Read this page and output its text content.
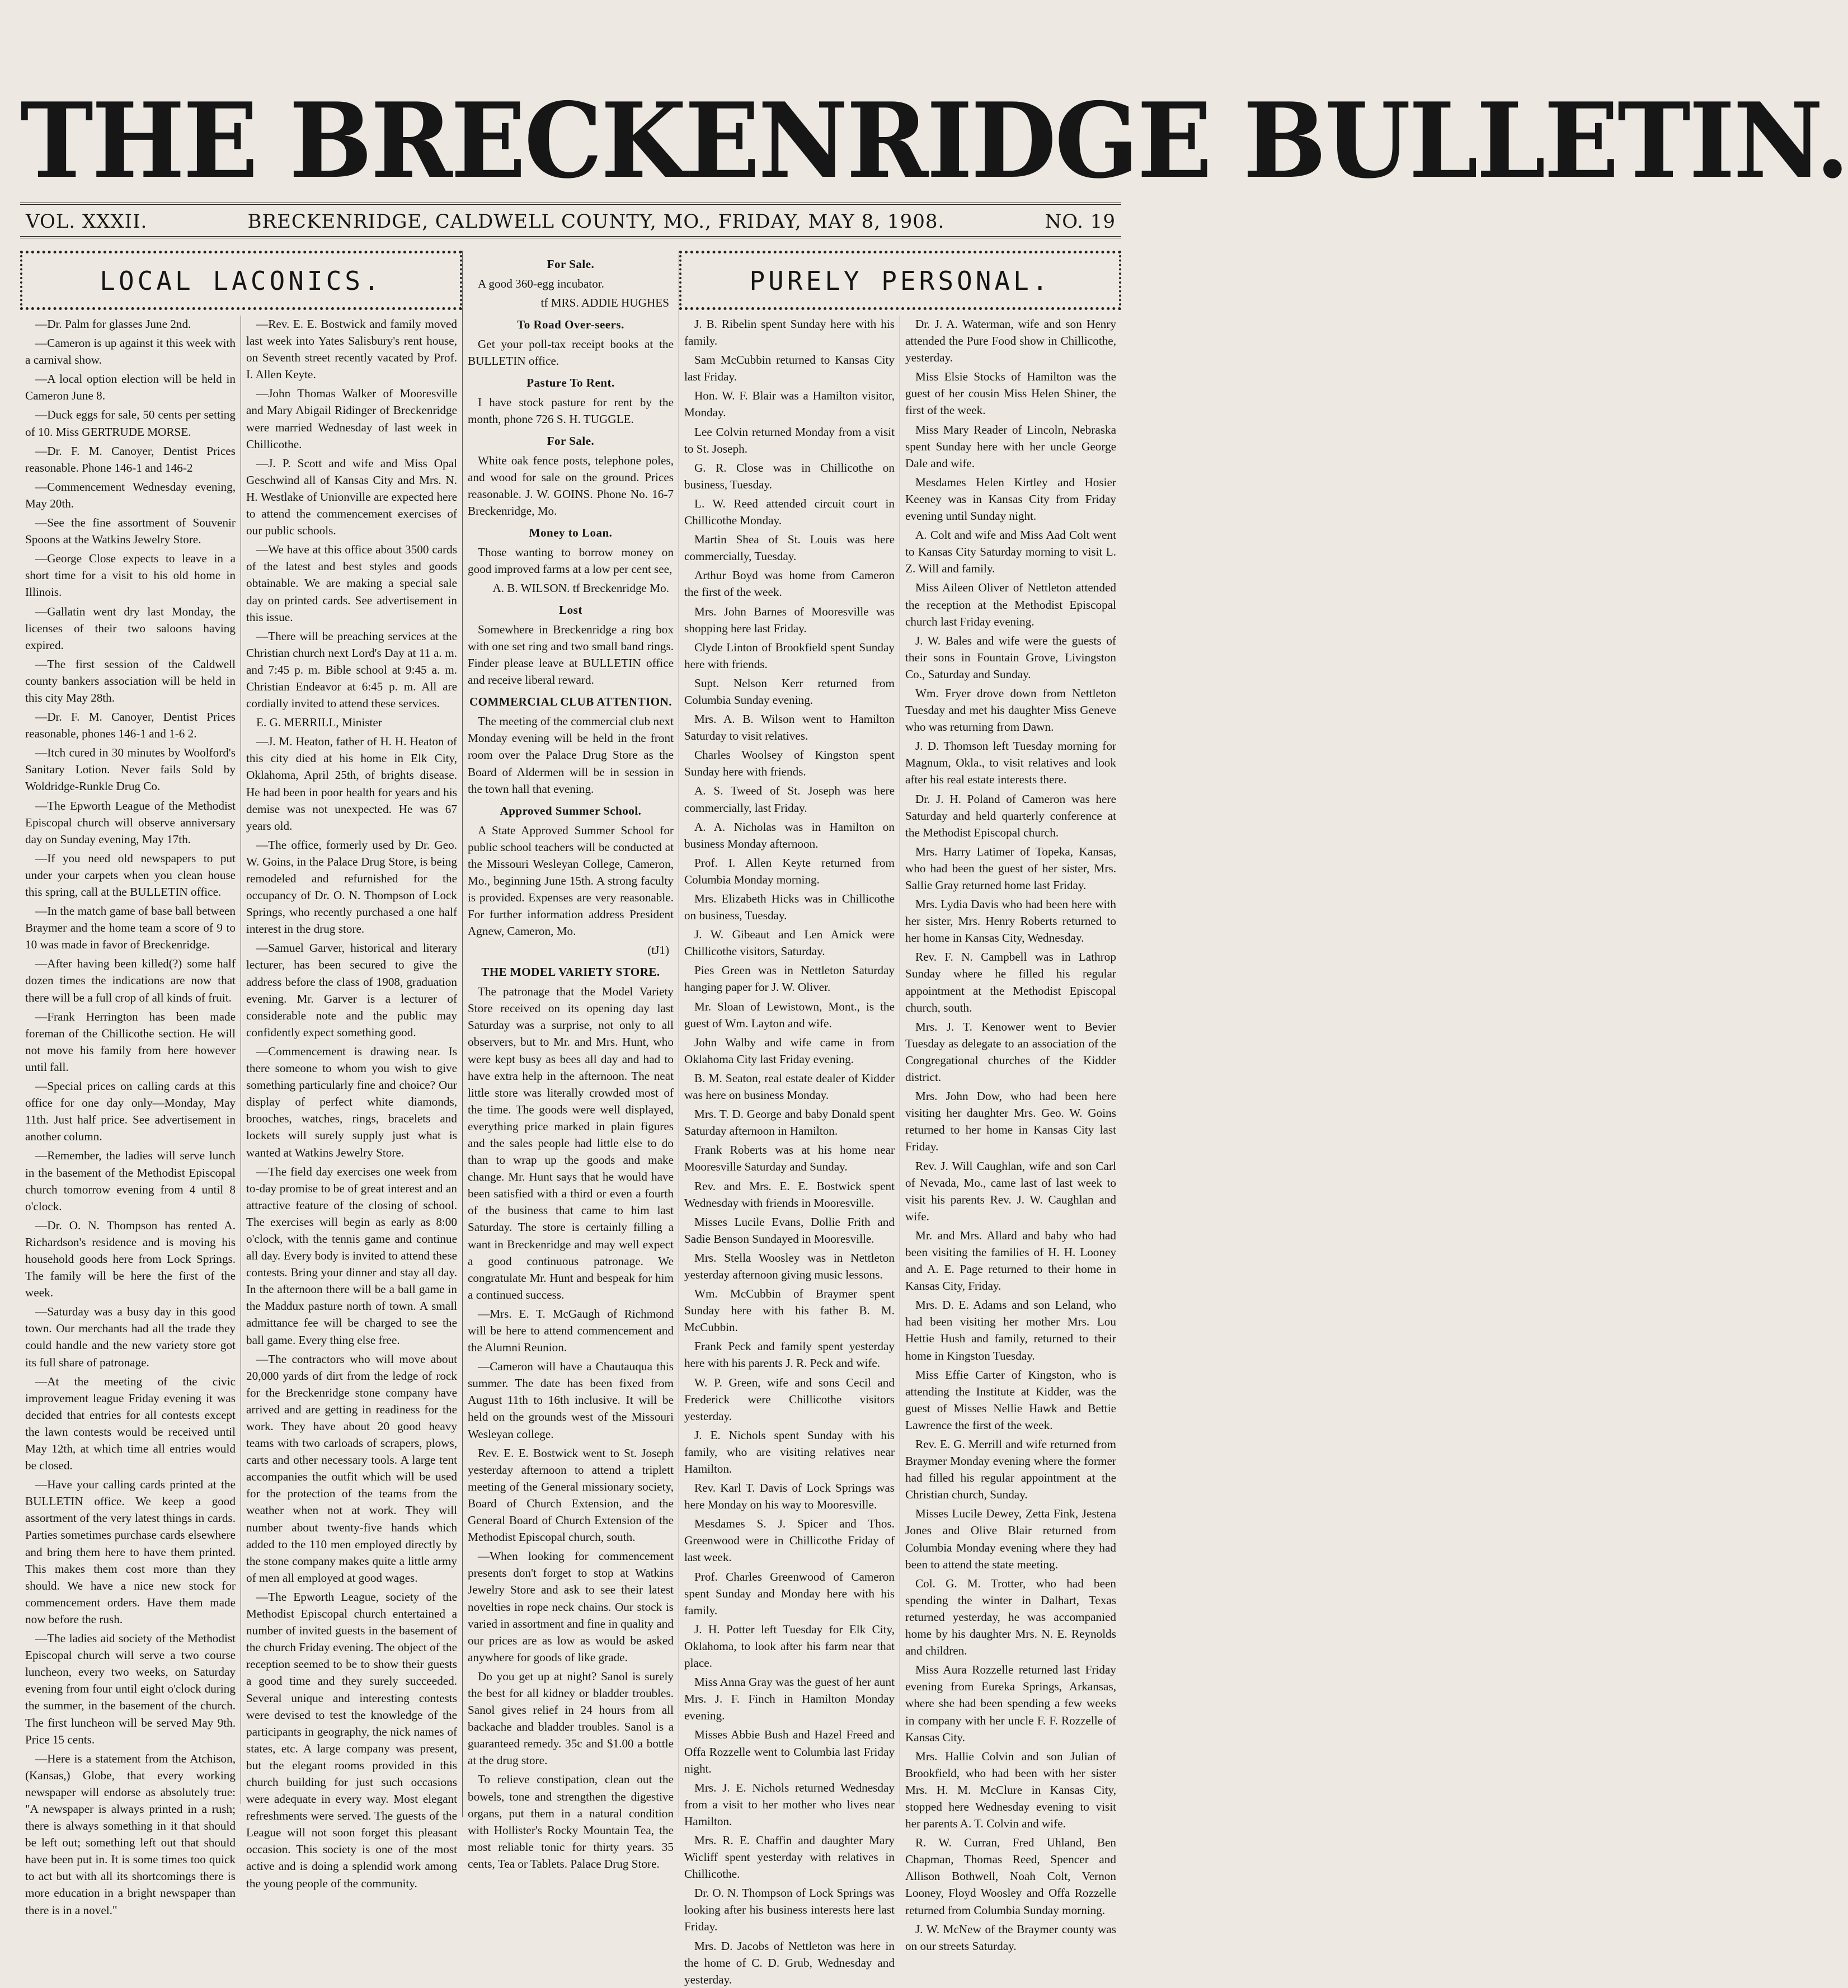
THE BRECKENRIDGE BULLETIN.
VOL. XXXII.	BRECKENRIDGE, CALDWELL COUNTY, MO., FRIDAY, MAY 8, 1908.	NO. 19
LOCAL LACONICS.

—Dr. Palm for glasses June 2nd.

—Cameron is up against it this week with a carnival show.

—A local option election will be held in Cameron June 8.

—Duck eggs for sale, 50 cents per setting of 10. Miss GERTRUDE MORSE.

—Dr. F. M. Canoyer, Dentist Prices reasonable. Phone 146-1 and 146-2

—Commencement Wednesday evening, May 20th.

—See the fine assortment of Souvenir Spoons at the Watkins Jewelry Store.

—George Close expects to leave in a short time for a visit to his old home in Illinois.

—Gallatin went dry last Monday, the licenses of their two saloons having expired.

—The first session of the Caldwell county bankers association will be held in this city May 28th.

—Dr. F. M. Canoyer, Dentist Prices reasonable, phones 146-1 and 1-6 2.

—Itch cured in 30 minutes by Woolford's Sanitary Lotion. Never fails Sold by Woldridge-Runkle Drug Co.

—The Epworth League of the Methodist Episcopal church will observe anniversary day on Sunday evening, May 17th.

—If you need old newspapers to put under your carpets when you clean house this spring, call at the BULLETIN office.

—In the match game of base ball between Braymer and the home team a score of 9 to 10 was made in favor of Breckenridge.

—After having been killed(?) some half dozen times the indications are now that there will be a full crop of all kinds of fruit.

—Frank Herrington has been made foreman of the Chillicothe section. He will not move his family from here however until fall.

—Special prices on calling cards at this office for one day only—Monday, May 11th. Just half price. See advertisement in another column.

—Remember, the ladies will serve lunch in the basement of the Methodist Episcopal church tomorrow evening from 4 until 8 o'clock.

—Dr. O. N. Thompson has rented A. Richardson's residence and is moving his household goods here from Lock Springs. The family will be here the first of the week.

—Saturday was a busy day in this good town. Our merchants had all the trade they could handle and the new variety store got its full share of patronage.

—At the meeting of the civic improvement league Friday evening it was decided that entries for all contests except the lawn contests would be received until May 12th, at which time all entries would be closed.

—Have your calling cards printed at the BULLETIN office. We keep a good assortment of the very latest things in cards. Parties sometimes purchase cards elsewhere and bring them here to have them printed. This makes them cost more than they should. We have a nice new stock for commencement orders. Have them made now before the rush.

—The ladies aid society of the Methodist Episcopal church will serve a two course luncheon, every two weeks, on Saturday evening from four until eight o'clock during the summer, in the basement of the church. The first luncheon will be served May 9th. Price 15 cents.

—Here is a statement from the Atchison, (Kansas,) Globe, that every working newspaper will endorse as absolutely true: "A newspaper is always printed in a rush; there is always something in it that should be left out; something left out that should have been put in. It is some times too quick to act but with all its shortcomings there is more education in a bright newspaper than there is in a novel."

—Rev. E. E. Bostwick and family moved last week into Yates Salisbury's rent house, on Seventh street recently vacated by Prof. I. Allen Keyte.

—John Thomas Walker of Mooresville and Mary Abigail Ridinger of Breckenridge were married Wednesday of last week in Chillicothe.

—J. P. Scott and wife and Miss Opal Geschwind all of Kansas City and Mrs. N. H. Westlake of Unionville are expected here to attend the commencement exercises of our public schools.

—We have at this office about 3500 cards of the latest and best styles and goods obtainable. We are making a special sale day on printed cards. See advertisement in this issue.

—There will be preaching services at the Christian church next Lord's Day at 11 a. m. and 7:45 p. m. Bible school at 9:45 a. m. Christian Endeavor at 6:45 p. m. All are cordially invited to attend these services.

E. G. MERRILL, Minister

—J. M. Heaton, father of H. H. Heaton of this city died at his home in Elk City, Oklahoma, April 25th, of brights disease. He had been in poor health for years and his demise was not unexpected. He was 67 years old.

—The office, formerly used by Dr. Geo. W. Goins, in the Palace Drug Store, is being remodeled and refurnished for the occupancy of Dr. O. N. Thompson of Lock Springs, who recently purchased a one half interest in the drug store.

—Samuel Garver, historical and literary lecturer, has been secured to give the address before the class of 1908, graduation evening. Mr. Garver is a lecturer of considerable note and the public may confidently expect something good.

—Commencement is drawing near. Is there someone to whom you wish to give something particularly fine and choice? Our display of perfect white diamonds, brooches, watches, rings, bracelets and lockets will surely supply just what is wanted at Watkins Jewelry Store.

—The field day exercises one week from to-day promise to be of great interest and an attractive feature of the closing of school. The exercises will begin as early as 8:00 o'clock, with the tennis game and continue all day. Every body is invited to attend these contests. Bring your dinner and stay all day. In the afternoon there will be a ball game in the Maddux pasture north of town. A small admittance fee will be charged to see the ball game. Every thing else free.

—The contractors who will move about 20,000 yards of dirt from the ledge of rock for the Breckenridge stone company have arrived and are getting in readiness for the work. They have about 20 good heavy teams with two carloads of scrapers, plows, carts and other necessary tools. A large tent accompanies the outfit which will be used for the protection of the teams from the weather when not at work. They will number about twenty-five hands which added to the 110 men employed directly by the stone company makes quite a little army of men all employed at good wages.

—The Epworth League, society of the Methodist Episcopal church entertained a number of invited guests in the basement of the church Friday evening. The object of the reception seemed to be to show their guests a good time and they surely succeeded. Several unique and interesting contests were devised to test the knowledge of the participants in geography, the nick names of states, etc. A large company was present, but the elegant rooms provided in this church building for just such occasions were adequate in every way. Most elegant refreshments were served. The guests of the League will not soon forget this pleasant occasion. This society is one of the most active and is doing a splendid work among the young people of the community.

For Sale.

A good 360-egg incubator.

tf MRS. ADDIE HUGHES

To Road Over-seers.

Get your poll-tax receipt books at the BULLETIN office.

Pasture To Rent.

I have stock pasture for rent by the month, phone 726 S. H. TUGGLE.

For Sale.

White oak fence posts, telephone poles, and wood for sale on the ground. Prices reasonable. J. W. GOINS. Phone No. 16-7 Breckenridge, Mo.

Money to Loan.

Those wanting to borrow money on good improved farms at a low per cent see,

A. B. WILSON. tf Breckenridge Mo.

Lost

Somewhere in Breckenridge a ring box with one set ring and two small band rings. Finder please leave at BULLETIN office and receive liberal reward.

COMMERCIAL CLUB ATTENTION.

The meeting of the commercial club next Monday evening will be held in the front room over the Palace Drug Store as the Board of Aldermen will be in session in the town hall that evening.

Approved Summer School.

A State Approved Summer School for public school teachers will be conducted at the Missouri Wesleyan College, Cameron, Mo., beginning June 15th. A strong faculty is provided. Expenses are very reasonable. For further information address President Agnew, Cameron, Mo.

(tJ1)

THE MODEL VARIETY STORE.

The patronage that the Model Variety Store received on its opening day last Saturday was a surprise, not only to all observers, but to Mr. and Mrs. Hunt, who were kept busy as bees all day and had to have extra help in the afternoon. The neat little store was literally crowded most of the time. The goods were well displayed, everything price marked in plain figures and the sales people had little else to do than to wrap up the goods and make change. Mr. Hunt says that he would have been satisfied with a third or even a fourth of the business that came to him last Saturday. The store is certainly filling a want in Breckenridge and may well expect a good continuous patronage. We congratulate Mr. Hunt and bespeak for him a continued success.

—Mrs. E. T. McGaugh of Richmond will be here to attend commencement and the Alumni Reunion.

—Cameron will have a Chautauqua this summer. The date has been fixed from August 11th to 16th inclusive. It will be held on the grounds west of the Missouri Wesleyan college.

Rev. E. E. Bostwick went to St. Joseph yesterday afternoon to attend a triplett meeting of the General missionary society, Board of Church Extension, and the General Board of Church Extension of the Methodist Episcopal church, south.

—When looking for commencement presents don't forget to stop at Watkins Jewelry Store and ask to see their latest novelties in rope neck chains. Our stock is varied in assortment and fine in quality and our prices are as low as would be asked anywhere for goods of like grade.

Do you get up at night? Sanol is surely the best for all kidney or bladder troubles. Sanol gives relief in 24 hours from all backache and bladder troubles. Sanol is a guaranteed remedy. 35c and $1.00 a bottle at the drug store.

To relieve constipation, clean out the bowels, tone and strengthen the digestive organs, put them in a natural condition with Hollister's Rocky Mountain Tea, the most reliable tonic for thirty years. 35 cents, Tea or Tablets. Palace Drug Store.

PURELY PERSONAL.

J. B. Ribelin spent Sunday here with his family.

Sam McCubbin returned to Kansas City last Friday.

Hon. W. F. Blair was a Hamilton visitor, Monday.

Lee Colvin returned Monday from a visit to St. Joseph.

G. R. Close was in Chillicothe on business, Tuesday.

L. W. Reed attended circuit court in Chillicothe Monday.

Martin Shea of St. Louis was here commercially, Tuesday.

Arthur Boyd was home from Cameron the first of the week.

Mrs. John Barnes of Mooresville was shopping here last Friday.

Clyde Linton of Brookfield spent Sunday here with friends.

Supt. Nelson Kerr returned from Columbia Sunday evening.

Mrs. A. B. Wilson went to Hamilton Saturday to visit relatives.

Charles Woolsey of Kingston spent Sunday here with friends.

A. S. Tweed of St. Joseph was here commercially, last Friday.

A. A. Nicholas was in Hamilton on business Monday afternoon.

Prof. I. Allen Keyte returned from Columbia Monday morning.

Mrs. Elizabeth Hicks was in Chillicothe on business, Tuesday.

J. W. Gibeaut and Len Amick were Chillicothe visitors, Saturday.

Pies Green was in Nettleton Saturday hanging paper for J. W. Oliver.

Mr. Sloan of Lewistown, Mont., is the guest of Wm. Layton and wife.

John Walby and wife came in from Oklahoma City last Friday evening.

B. M. Seaton, real estate dealer of Kidder was here on business Monday.

Mrs. T. D. George and baby Donald spent Saturday afternoon in Hamilton.

Frank Roberts was at his home near Mooresville Saturday and Sunday.

Rev. and Mrs. E. E. Bostwick spent Wednesday with friends in Mooresville.

Misses Lucile Evans, Dollie Frith and Sadie Benson Sundayed in Mooresville.

Mrs. Stella Woosley was in Nettleton yesterday afternoon giving music lessons.

Wm. McCubbin of Braymer spent Sunday here with his father B. M. McCubbin.

Frank Peck and family spent yesterday here with his parents J. R. Peck and wife.

W. P. Green, wife and sons Cecil and Frederick were Chillicothe visitors yesterday.

J. E. Nichols spent Sunday with his family, who are visiting relatives near Hamilton.

Rev. Karl T. Davis of Lock Springs was here Monday on his way to Mooresville.

Mesdames S. J. Spicer and Thos. Greenwood were in Chillicothe Friday of last week.

Prof. Charles Greenwood of Cameron spent Sunday and Monday here with his family.

J. H. Potter left Tuesday for Elk City, Oklahoma, to look after his farm near that place.

Miss Anna Gray was the guest of her aunt Mrs. J. F. Finch in Hamilton Monday evening.

Misses Abbie Bush and Hazel Freed and Offa Rozzelle went to Columbia last Friday night.

Mrs. J. E. Nichols returned Wednesday from a visit to her mother who lives near Hamilton.

Mrs. R. E. Chaffin and daughter Mary Wicliff spent yesterday with relatives in Chillicothe.

Dr. O. N. Thompson of Lock Springs was looking after his business interests here last Friday.

Mrs. D. Jacobs of Nettleton was here in the home of C. D. Grub, Wednesday and yesterday.

Dr. J. A. Waterman, wife and son Henry attended the Pure Food show in Chillicothe, yesterday.

Miss Elsie Stocks of Hamilton was the guest of her cousin Miss Helen Shiner, the first of the week.

Miss Mary Reader of Lincoln, Nebraska spent Sunday here with her uncle George Dale and wife.

Mesdames Helen Kirtley and Hosier Keeney was in Kansas City from Friday evening until Sunday night.

A. Colt and wife and Miss Aad Colt went to Kansas City Saturday morning to visit L. Z. Will and family.

Miss Aileen Oliver of Nettleton attended the reception at the Methodist Episcopal church last Friday evening.

J. W. Bales and wife were the guests of their sons in Fountain Grove, Livingston Co., Saturday and Sunday.

Wm. Fryer drove down from Nettleton Tuesday and met his daughter Miss Geneve who was returning from Dawn.

J. D. Thomson left Tuesday morning for Magnum, Okla., to visit relatives and look after his real estate interests there.

Dr. J. H. Poland of Cameron was here Saturday and held quarterly conference at the Methodist Episcopal church.

Mrs. Harry Latimer of Topeka, Kansas, who had been the guest of her sister, Mrs. Sallie Gray returned home last Friday.

Mrs. Lydia Davis who had been here with her sister, Mrs. Henry Roberts returned to her home in Kansas City, Wednesday.

Rev. F. N. Campbell was in Lathrop Sunday where he filled his regular appointment at the Methodist Episcopal church, south.

Mrs. J. T. Kenower went to Bevier Tuesday as delegate to an association of the Congregational churches of the Kidder district.

Mrs. John Dow, who had been here visiting her daughter Mrs. Geo. W. Goins returned to her home in Kansas City last Friday.

Rev. J. Will Caughlan, wife and son Carl of Nevada, Mo., came last of last week to visit his parents Rev. J. W. Caughlan and wife.

Mr. and Mrs. Allard and baby who had been visiting the families of H. H. Looney and A. E. Page returned to their home in Kansas City, Friday.

Mrs. D. E. Adams and son Leland, who had been visiting her mother Mrs. Lou Hettie Hush and family, returned to their home in Kingston Tuesday.

Miss Effie Carter of Kingston, who is attending the Institute at Kidder, was the guest of Misses Nellie Hawk and Bettie Lawrence the first of the week.

Rev. E. G. Merrill and wife returned from Braymer Monday evening where the former had filled his regular appointment at the Christian church, Sunday.

Misses Lucile Dewey, Zetta Fink, Jestena Jones and Olive Blair returned from Columbia Monday evening where they had been to attend the state meeting.

Col. G. M. Trotter, who had been spending the winter in Dalhart, Texas returned yesterday, he was accompanied home by his daughter Mrs. N. E. Reynolds and children.

Miss Aura Rozzelle returned last Friday evening from Eureka Springs, Arkansas, where she had been spending a few weeks in company with her uncle F. F. Rozzelle of Kansas City.

Mrs. Hallie Colvin and son Julian of Brookfield, who had been with her sister Mrs. H. M. McClure in Kansas City, stopped here Wednesday evening to visit her parents A. T. Colvin and wife.

R. W. Curran, Fred Uhland, Ben Chapman, Thomas Reed, Spencer and Allison Bothwell, Noah Colt, Vernon Looney, Floyd Woosley and Offa Rozzelle returned from Columbia Sunday morning.

J. W. McNew of the Braymer county was on our streets Saturday.
